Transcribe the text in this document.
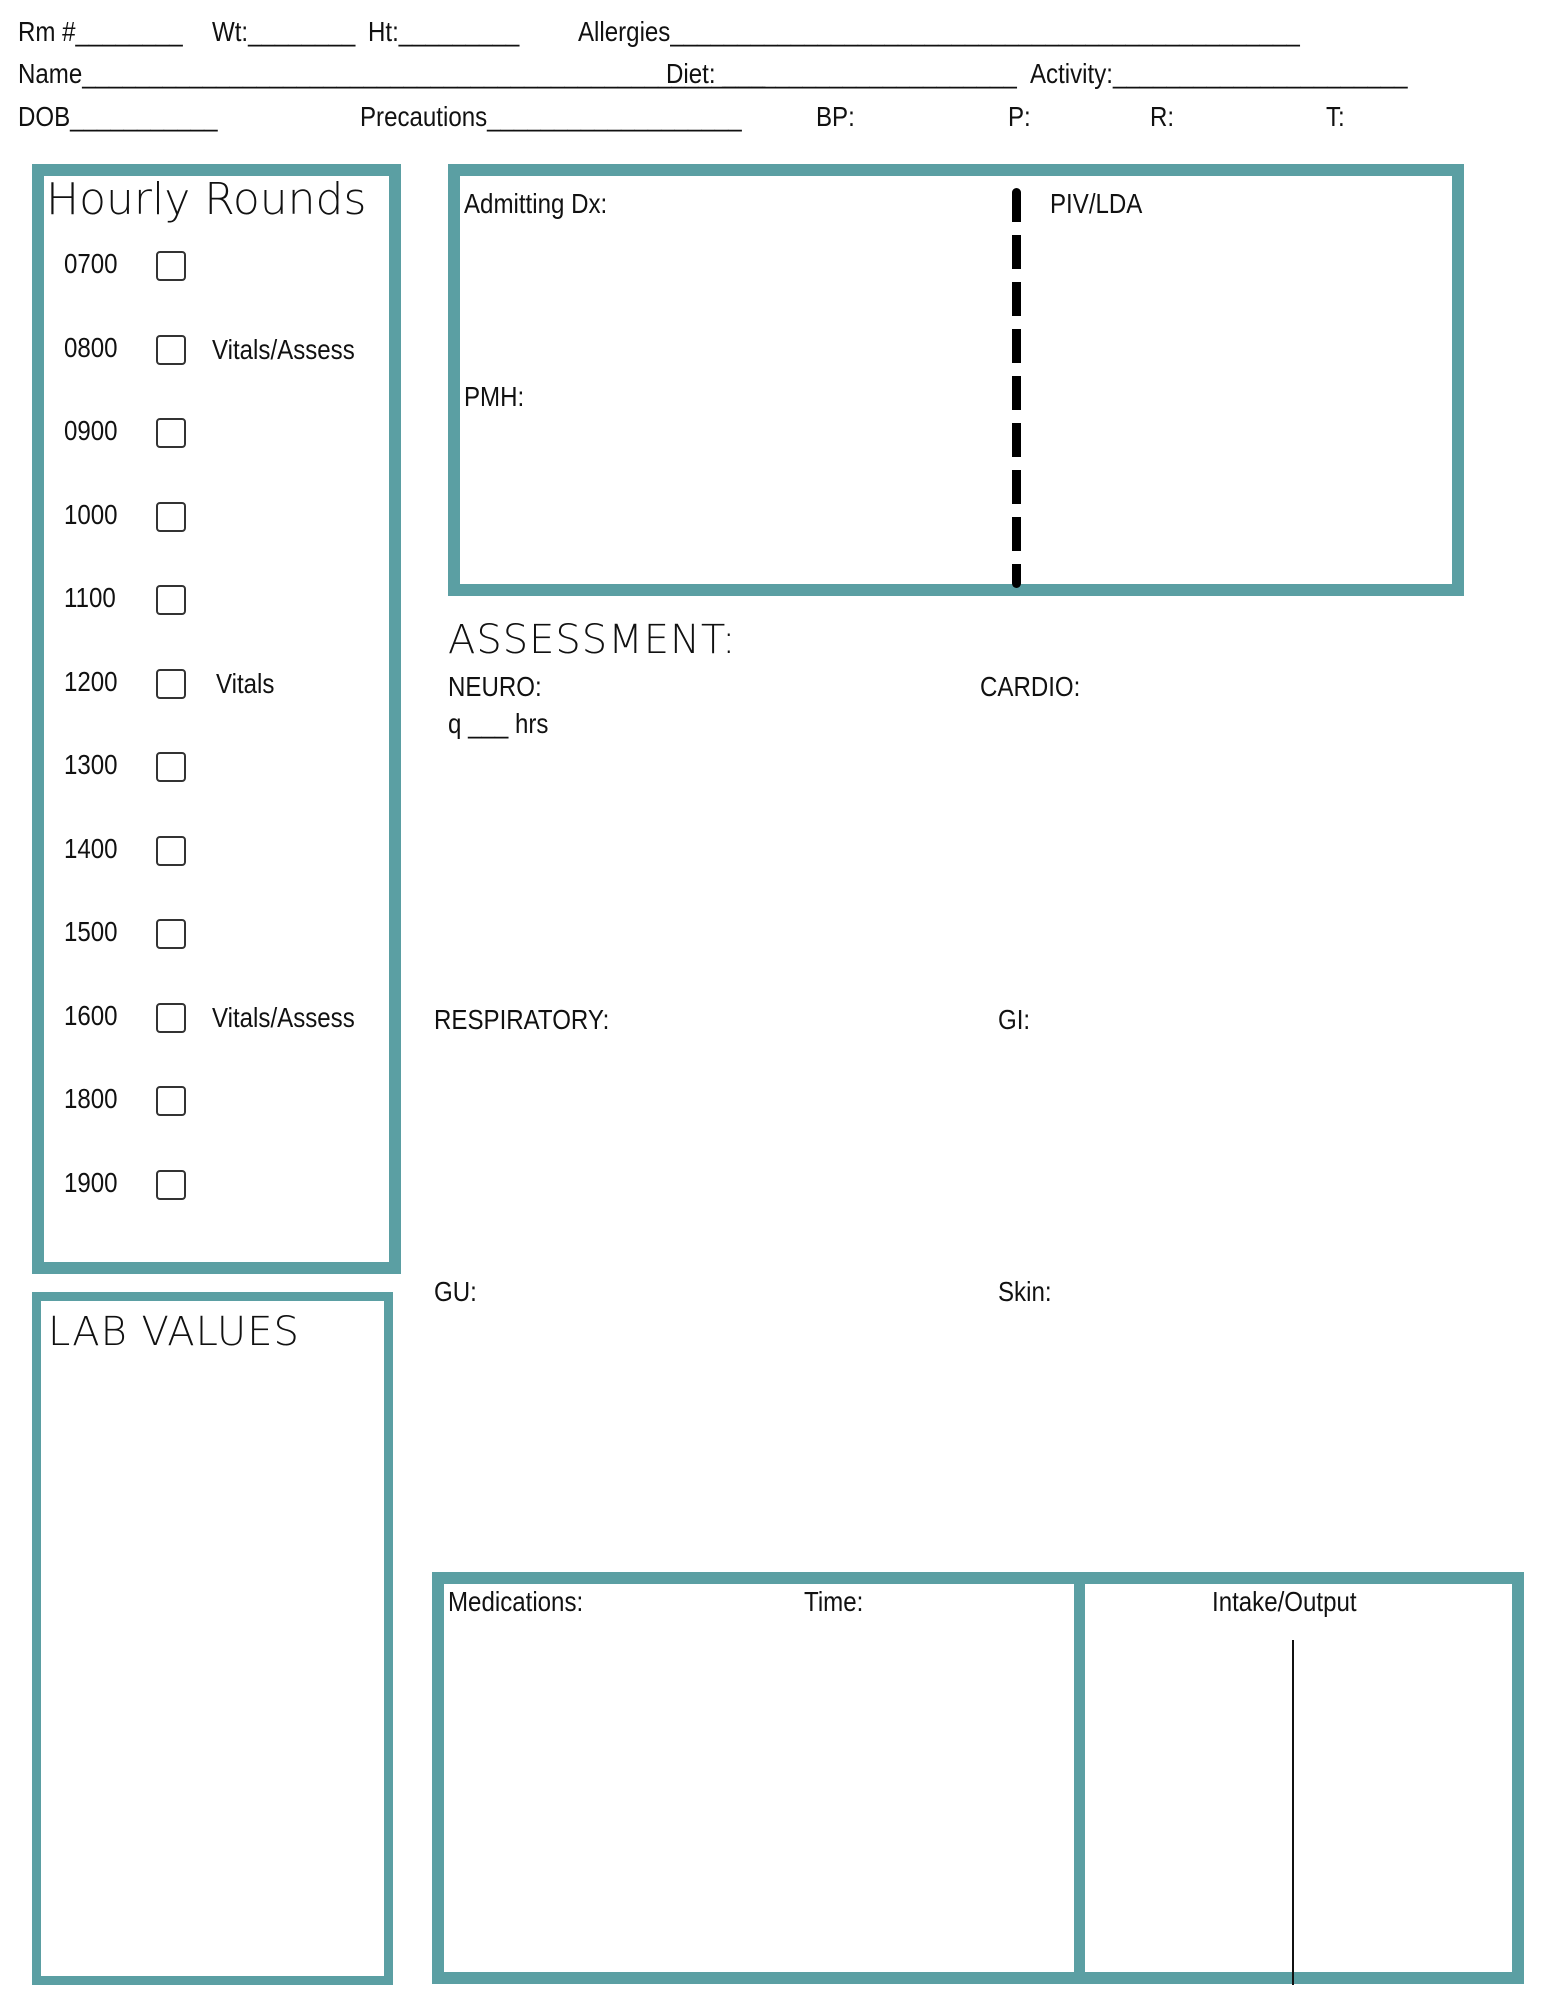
Rm #________ Wt:________ Ht:_________ Allergies_______________________________________________
Name___________________________________________________
Diet: ______________________ Activity:______________________
DOB___________	Precautions___________________	BP:	P:	R:	T:
Hourly Rounds
0700
0800	Vitals/Assess
0900
1000
1100
1200	Vitals
1300
1400
1500
1600	Vitals/Assess
1800
1900
Admitting Dx:
PMH:
PIV/LDA
ASSESSMENT:
NEURO:
q ___ hrs
CARDIO:
RESPIRATORY:	GI:
GU:	Skin:
LAB VALUES
Medications:	Time:	Intake/Output
